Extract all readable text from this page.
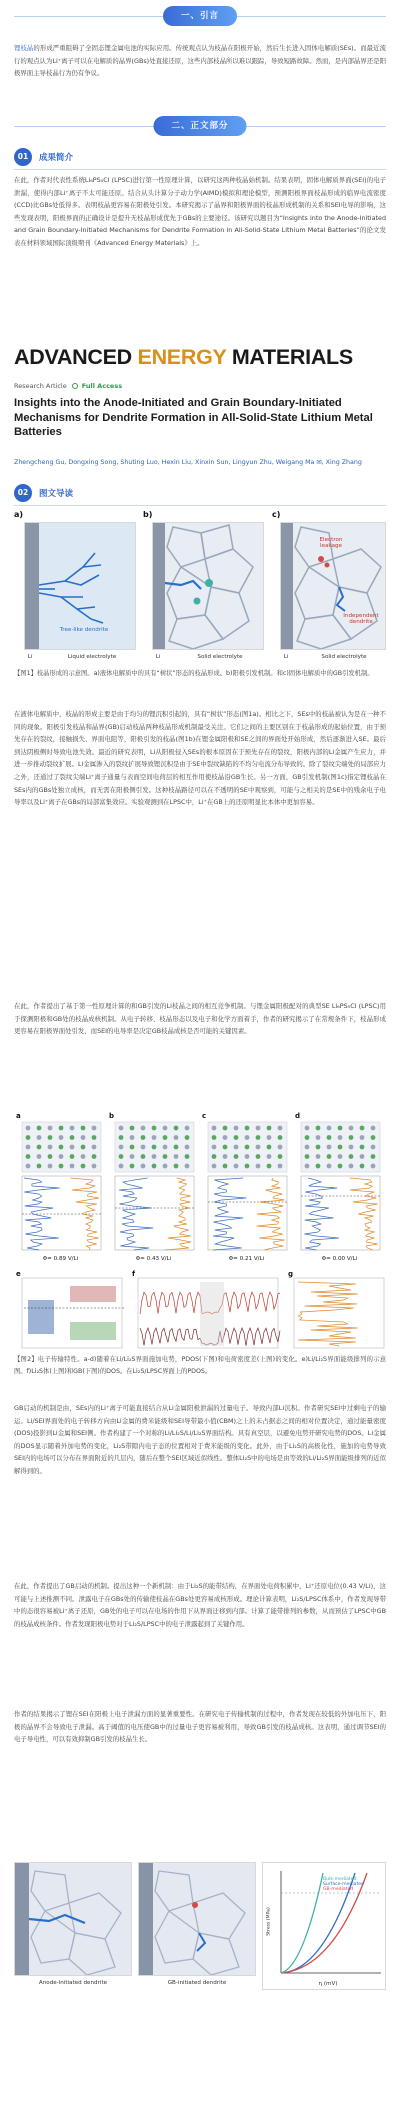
一、引言
锂枝晶的形成严重阻碍了全固态锂金属电池的实际应用。传统观点认为枝晶在阳极开始，然后生长进入固体电解质(SEs)。而最近流行的观点认为Li⁺离子可以在电解质的晶界(GBs)处直接还原，这些内部枝晶所以难以跟踪，导致短路故障。然而，是内部晶界还是阳极界面主导枝晶行为仍有争议。
二、正文部分
01	成果简介
在此，作者对代表性系统Li₆PS₅Cl (LPSC)进行第一性原理计算，以研究这两种枝晶始机制。结果表明，固体电解质界面(SEI)的电子泄漏，使得内部Li⁺离子不太可能还原。结合从头计算分子动力学(AIMD)模拟和理论模型，预测阳极界面枝晶形成的临界电流密度(CCD)比GBs处低得多。表明枝晶更容易在阳极处引发。本研究揭示了晶界和阳极界面的枝晶形成机制的关系和SEI电导的影响，这些发现表明，阳极界面的正确设计是提升无枝晶形成优先于GBs的主要途径。该研究以题目为“Insights into the Anode-Initiated and Grain Boundary-Initiated Mechanisms for Dendrite Formation in All-Solid-State Lithium Metal Batteries”的论文发表在材料领域国际顶级期刊《Advanced Energy Materials》上。
ADVANCED ENERGY MATERIALS
Research Article Full Access
Insights into the Anode-Initiated and Grain Boundary-Initiated Mechanisms for Dendrite Formation in All-Solid-State Lithium Metal Batteries
Zhengcheng Gu, Dongxing Song, Shuting Luo, Hexin Liu, Xinxin Sun, Lingyun Zhu, Weigang Ma ✉, Xing Zhang
02	图文导读
a)	b)	c)
Tree-like dendrite
Li	Liquid electrolyte	Li	Solid electrolyte
Electron leakage
Independent dendrite
Li	Solid electrolyte
【图1】枝晶形成的示意图。a)液体电解质中的具有“树状”形态的枝晶形成。b)阳极引发机制。和c)固体电解质中的GB引发机制。
在液体电解质中，枝晶的形成主要是由于均匀的锂沉积引起的，具有“树状”形态(图1a)。相比之下，SEs中的枝晶被认为是在一种不同的现象。阳极引发枝晶和晶界(GB)启动枝晶两种枝晶形成机制最受关注。它们之间的主要区别在于枝晶形成的起始位置，由于预先存在的裂纹，接触损失、界面电阻等，阳极引发的枝晶(图1b)在锂金属阳极和SE之间的界面处开始形成，然后逐渐进入SE。最后到达阴极侧时导致电池失效。最近的研究表明，Li从阳极侵入SEs的根本原因在于预先存在的裂纹，阳极内部的Li金属产生应力，并进一步推动裂纹扩展。Li金属渗入的裂纹扩展导致锂沉积是由于SE中裂纹缺陷的不均匀电流分布导致的。除了裂纹尖端处的局部应力之外，还通过了裂纹尖端Li⁺离子通量与表面空间电荷层的相互作用使枝晶沿GB生长。另一方面，GB引发机制(图1c)指定锂枝晶在SEs内的GBs处独立成核，而无需在阳极侧引发。这种枝晶路径可以在不透明的SE中观察到，可能与之相关的是SE中的残余电子电导率以及Li⁺离子在GBs的局部富集效应。实验观测到在LPSC中，Li⁺在GB上的还原明显比本体中更加容易。
在此，作者提出了基于第一性原理计算的和GB引发的Li枝晶之间的相互竞争机制。与锂金属阳极配对的典型SE Li₆PS₅Cl (LPSC)用于探测阳极和GB处的枝晶成核机制。从电子转移、枝晶形态以及电子和化学方面着手，作者的研究揭示了在常规条件下，枝晶形成更容易在阳极界面处引发，而SEI的电导率是决定GB枝晶成核是否可能的关键因素。
a
Φ= 0.89 V/Li
b
Φ= 0.43 V/Li
c
Φ= 0.21 V/Li
d
Φ= 0.00 V/Li
e	f	g
【图2】电子传输特性。a-d)随着在Li/Li₂S界面施加电势，PDOS(下图)和电荷密度差(上图)的变化。e)Li/Li₂S界面能级排列的示意图。f)Li₂S体(上图)和GB(下图)的DOS。在Li₂S/LPSC界面上的PDOS。
GB启动的机制是由，SEs内的Li⁺离子可能直接结合从Li金属阳极泄漏的过量电子。导致内部Li沉积。作者研究SEI中过剩电子的输运。Li/SEI界面处的电子转移方向由Li金属的费米能级和SEI导带最小值(CBM)之上的未占据态之间的相对位置决定，通过能量密度(DOS)投影到Li金属和SEI侧。作者构建了一个对称的Li/Li₂S/Li/Li₂S界面结构。具有真空层，以避免电势开研究电势的DOS。Li金属的DOS显示随着外加电势的变化，Li₂S带隙内电子态的位置相对于费米能级的变化。此外，由于Li₂S的高极化性，施加的电势导致SEI内的电场可以分布在界面附近的几层内，随后在整个SEI区域近似线性。整体Li₂S中的电场是由等效的Li/Li₂S界面能级排列的近似解得到的。
在此，作者提出了GB启动的机制。提出这种一个新机制：由于Li₂S的能带结构，在界面处电荷积累中，Li⁺还原电位(0.43 V/Li)，这可能与上述推测不同。泄露电子在GBs处的传输使枝晶在GBs处更容易成核形成。理论计算表明，Li₂S/LPSC体系中，作者发现导带中的态很容易被Li⁺离子还原，GB处的电子可以在电场的作用下从界面迁移到内部。计算了能带排列的参数，从而预估了LPSC中GB的枝晶成核条件。作者发现阳极电势对于Li₂S/LPSC中的电子泄露起到了关键作用。
作者的结果揭示了锂在SEI在阳极上电子泄漏方面的显著重要性。在研究电子传输机制的过程中，作者发现在较低的外加电压下，阳极的晶界不会导致电子泄漏。高于阈值的电压使GB中的过量电子更容易被利用，导致GB引发的枝晶成核。这表明，通过调节SEI的电子导电性，可以有效抑制GB引发的枝晶生长。
Anode-initiated dendrite	GB-initiated dendrite	η (mV)
Bulk-mediated
Surface-mediated
GB-mediated
Stress (MPa)
